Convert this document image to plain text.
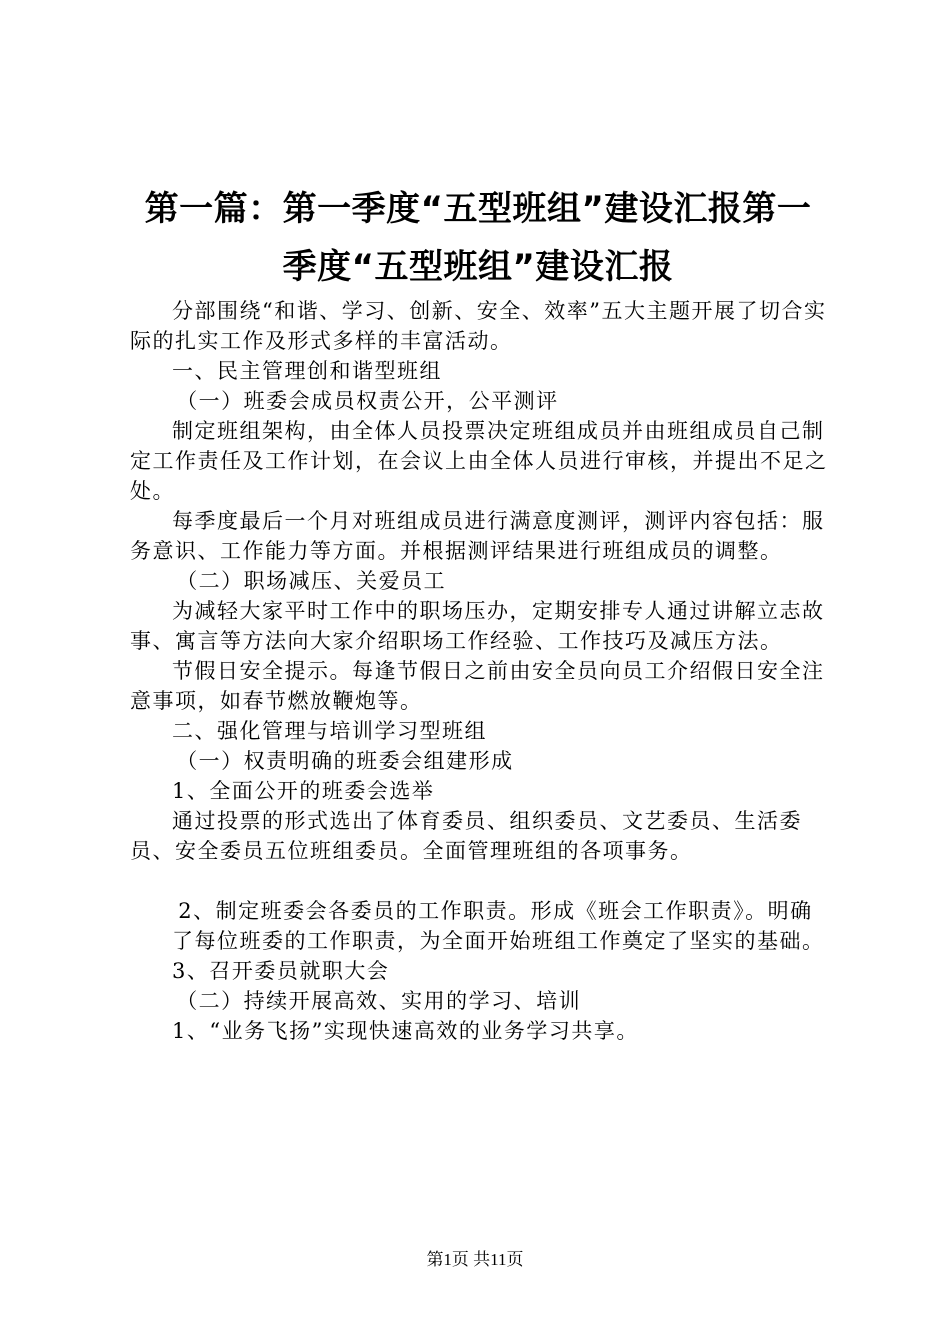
第一篇：第一季度“五型班组”建设汇报第一季度“五型班组”建设汇报

分部围绕“和谐、学习、创新、安全、效率”五大主题开展了切合实际的扎实工作及形式多样的丰富活动。

一、民主管理创和谐型班组

（一）班委会成员权责公开，公平测评

制定班组架构，由全体人员投票决定班组成员并由班组成员自己制定工作责任及工作计划，在会议上由全体人员进行审核，并提出不足之处。

每季度最后一个月对班组成员进行满意度测评，测评内容包括：服务意识、工作能力等方面。并根据测评结果进行班组成员的调整。

（二）职场减压、关爱员工

为减轻大家平时工作中的职场压办，定期安排专人通过讲解立志故事、寓言等方法向大家介绍职场工作经验、工作技巧及减压方法。

节假日安全提示。每逢节假日之前由安全员向员工介绍假日安全注意事项，如春节燃放鞭炮等。

二、强化管理与培训学习型班组

（一）权责明确的班委会组建形成

1、全面公开的班委会选举

通过投票的形式选出了体育委员、组织委员、文艺委员、生活委员、安全委员五位班组委员。全面管理班组的各项事务。

2、制定班委会各委员的工作职责。形成《班会工作职责》。明确

了每位班委的工作职责，为全面开始班组工作奠定了坚实的基础。

3、召开委员就职大会

（二）持续开展高效、实用的学习、培训

1、“业务飞扬”实现快速高效的业务学习共享。

第1页 共11页
